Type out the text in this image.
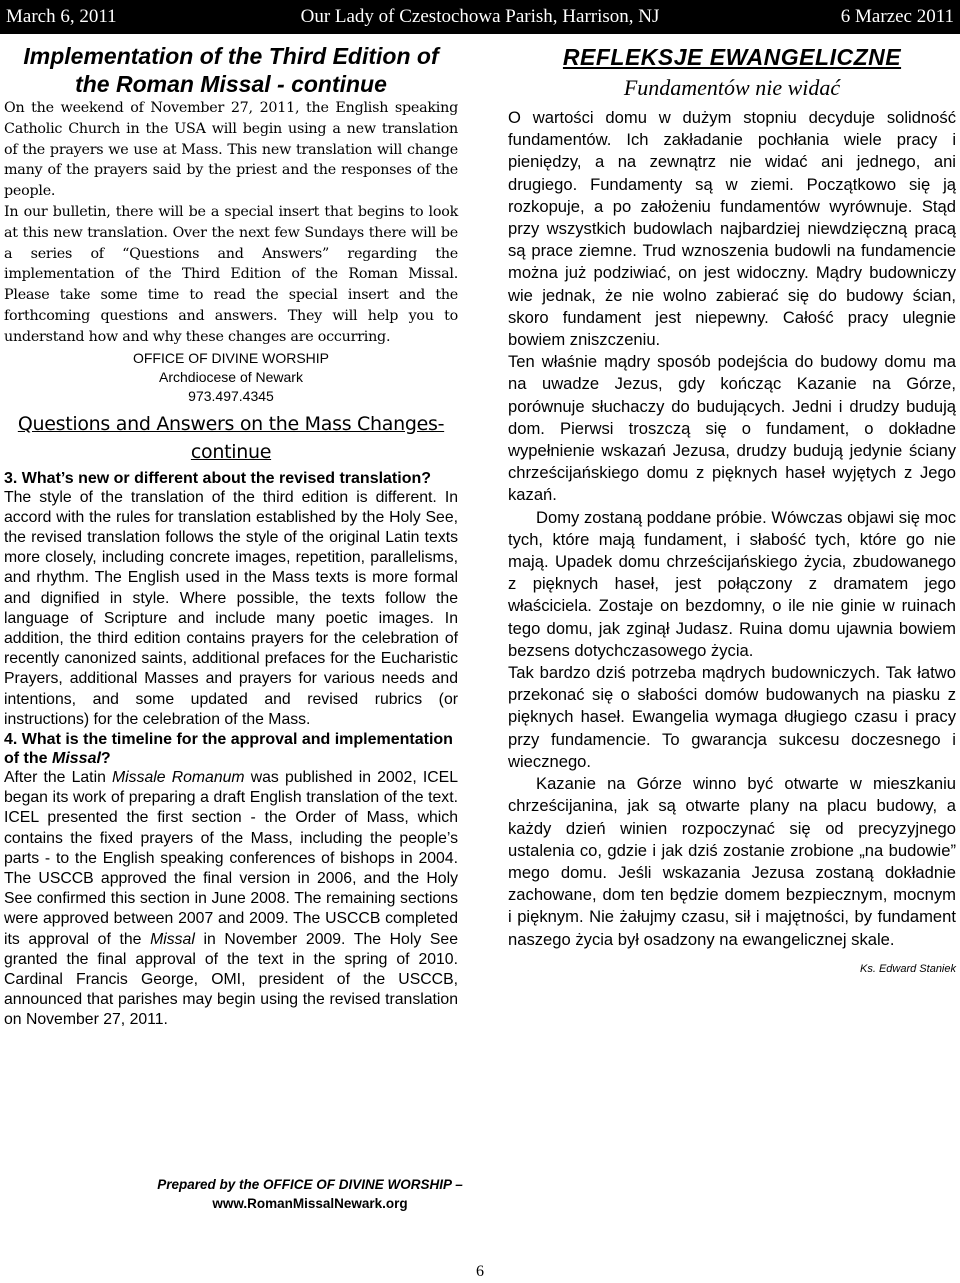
March 6, 2011	Our Lady of Czestochowa Parish, Harrison, NJ	6 Marzec 2011
Implementation of the Third Edition of
the Roman Missal - continue

On the weekend of November 27, 2011, the English speaking Catholic Church in the USA will begin using a new translation of the prayers we use at Mass. This new translation will change many of the prayers said by the priest and the responses of the people.

In our bulletin, there will be a special insert that begins to look at this new translation. Over the next few Sundays there will be a series of “Questions and Answers” regarding the implementation of the Third Edition of the Roman Missal. Please take some time to read the special insert and the forthcoming questions and answers. They will help you to understand how and why these changes are occurring.

OFFICE OF DIVINE WORSHIP
Archdiocese of Newark
973.497.4345
Questions and Answers on the Mass Changes-
continue

3. What’s new or different about the revised translation?

The style of the translation of the third edition is different. In accord with the rules for translation established by the Holy See, the revised translation follows the style of the original Latin texts more closely, including concrete images, repetition, parallelisms, and rhythm. The English used in the Mass texts is more formal and dignified in style. Where possible, the texts follow the language of Scripture and include many poetic images. In addition, the third edition contains prayers for the celebration of recently canonized saints, additional prefaces for the Eucharistic Prayers, additional Masses and prayers for various needs and intentions, and some updated and revised rubrics (or instructions) for the celebration of the Mass.

4. What is the timeline for the approval and implementation of the Missal?

After the Latin Missale Romanum was published in 2002, ICEL began its work of preparing a draft English translation of the text. ICEL presented the first section - the Order of Mass, which contains the fixed prayers of the Mass, including the people’s parts - to the English speaking conferences of bishops in 2004. The USCCB approved the final version in 2006, and the Holy See confirmed this section in June 2008. The remaining sections were approved between 2007 and 2009. The USCCB completed its approval of the Missal in November 2009. The Holy See granted the final approval of the text in the spring of 2010. Cardinal Francis George, OMI, president of the USCCB, announced that parishes may begin using the revised translation on November 27, 2011.

REFLEKSJE EWANGELICZNE
Fundamentów nie widać

O wartości domu w dużym stopniu decyduje solidność fundamentów. Ich zakładanie pochłania wiele pracy i pieniędzy, a na zewnątrz nie widać ani jednego, ani drugiego. Fundamenty są w ziemi. Początkowo się ją rozkopuje, a po założeniu fundamentów wyrównuje. Stąd przy wszystkich budowlach najbardziej niewdzięczną pracą są prace ziemne. Trud wznoszenia budowli na fundamencie można już podziwiać, on jest widoczny. Mądry budowniczy wie jednak, że nie wolno zabierać się do budowy ścian, skoro fundament jest niepewny. Całość pracy ulegnie bowiem zniszczeniu.

Ten właśnie mądry sposób podejścia do budowy domu ma na uwadze Jezus, gdy kończąc Kazanie na Górze, porównuje słuchaczy do budujących. Jedni i drudzy budują dom. Pierwsi troszczą się o fundament, o dokładne wypełnienie wskazań Jezusa, drudzy budują jedynie ściany chrześcijańskiego domu z pięknych haseł wyjętych z Jego kazań.

Domy zostaną poddane próbie. Wówczas objawi się moc tych, które mają fundament, i słabość tych, które go nie mają. Upadek domu chrześcijańskiego życia, zbudowanego z pięknych haseł, jest połączony z dramatem jego właściciela. Zostaje on bezdomny, o ile nie ginie w ruinach tego domu, jak zginął Judasz. Ruina domu ujawnia bowiem bezsens dotychczasowego życia.

Tak bardzo dziś potrzeba mądrych budowniczych. Tak łatwo przekonać się o słabości domów budowanych na piasku z pięknych haseł. Ewangelia wymaga długiego czasu i pracy przy fundamencie. To gwarancja sukcesu doczesnego i wiecznego.

Kazanie na Górze winno być otwarte w mieszkaniu chrześcijanina, jak są otwarte plany na placu budowy, a każdy dzień winien rozpoczynać się od precyzyjnego ustalenia co, gdzie i jak dziś zostanie zrobione „na budowie” mego domu. Jeśli wskazania Jezusa zostaną dokładnie zachowane, dom ten będzie domem bezpiecznym, mocnym i pięknym. Nie żałujmy czasu, sił i majętności, by fundament naszego życia był osadzony na ewangelicznej skale.

Ks. Edward Staniek
Prepared by the OFFICE OF DIVINE WORSHIP –
www.RomanMissalNewark.org
6
